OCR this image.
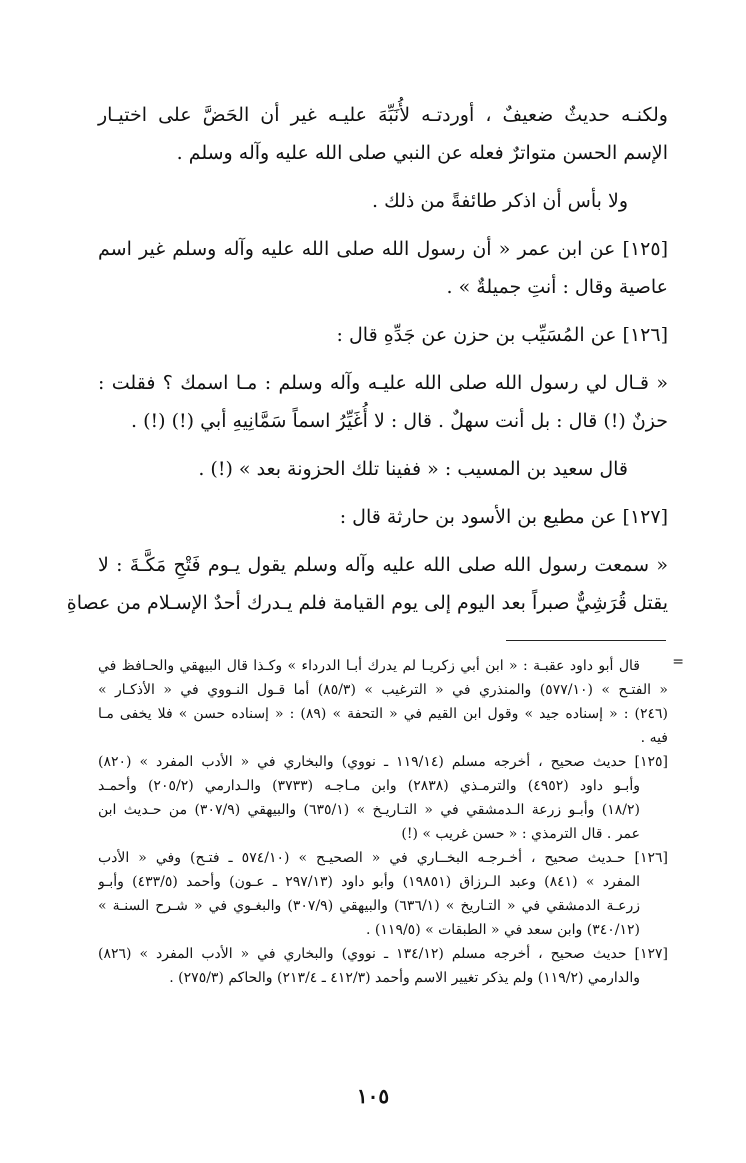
ولكنـه حديثٌ ضعيفٌ ، أوردتـه لأُنَبِّهَ عليـه غير أن الحَضَّ على اختيـار
الإسم الحسن متواترٌ فعله عن النبي صلى الله عليه وآله وسلم .
ولا بأس أن اذكر طائفةً من ذلك .
[١٢٥] عن ابن عمر « أن رسول الله صلى الله عليه وآله وسلم غير اسم
عاصية وقال : أنتِ جميلةٌ » .
[١٢٦] عن المُسَيِّب بن حزن عن جَدِّهِ قال :
« قـال لي رسول الله صلى الله عليـه وآله وسلم : مـا اسمك ؟ فقلت :
حزنٌ (!) قال : بل أنت سهلٌ . قال : لا أُغَيِّرُ اسماً سَمَّانِيهِ أبي (!) (!) .
قال سعيد بن المسيب : « ففينا تلك الحزونة بعد » (!) .
[١٢٧] عن مطيع بن الأسود بن حارثة قال :
« سمعت رسول الله صلى الله عليه وآله وسلم يقول يـوم فَتْحِ مَكَّـةَ : لا
يقتل قُرَشِيٌّ صبراً بعد اليوم إلى يوم القيامة فلم يـدرك أحدٌ الإسـلام من عصاةِ
=
قال أبو داود عقبـة : « ابن أبي زكريـا لم يدرك أبـا الدرداء » وكـذا قال البيهقي والحـافظ في
« الفتـح » (٥٧٧/١٠) والمنذري في « الترغيب » (٨٥/٣) أما قـول النـووي في « الأذكـار »
(٢٤٦) : « إسناده جيد » وقول ابن القيم في « التحفة » (٨٩) : « إسناده حسن » فلا يخفى مـا
فيه .
[١٢٥] حديث صحيح ، أخرجه مسلم (١١٩/١٤ ـ نووي) والبخاري في « الأدب المفرد » (٨٢٠)
وأبـو داود (٤٩٥٢) والترمـذي (٢٨٣٨) وابن مـاجـه (٣٧٣٣) والـدارمي (٢٠٥/٢) وأحمـد
(١٨/٢) وأبـو زرعة الـدمشقي في « التـاريـخ » (٦٣٥/١) والبيهقي (٣٠٧/٩) من حـديث ابن
عمر . قال الترمذي : « حسن غريب » (!)
[١٢٦] حـديث صحيح ، أخـرجـه البخــاري في « الصحيـح » (٥٧٤/١٠ ـ فتـح) وفي « الأدب
المفرد » (٨٤١) وعبد الـرزاق (١٩٨٥١) وأبو داود (٢٩٧/١٣ ـ عـون) وأحمد (٤٣٣/٥) وأبـو
زرعـة الدمشقي في « التـاريخ » (٦٣٦/١) والبيهقي (٣٠٧/٩) والبغـوي في « شـرح السنـة »
(٣٤٠/١٢) وابن سعد في « الطبقات » (١١٩/٥) .
[١٢٧] حديث صحيح ، أخرجه مسلم (١٣٤/١٢ ـ نووي) والبخاري في « الأدب المفرد » (٨٢٦)
والدارمي (١١٩/٢) ولم يذكر تغيير الاسم وأحمد (٤١٢/٣ ـ ٢١٣/٤) والحاكم (٢٧٥/٣) .
١٠٥
